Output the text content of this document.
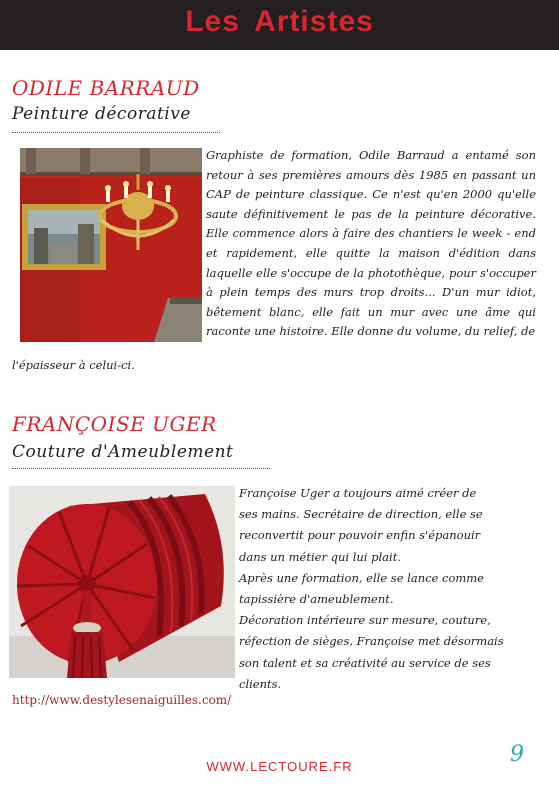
Les Artistes
ODILE BARRAUD
Peinture décorative

Graphiste de formation, Odile Barraud a entamé son retour à ses premières amours dès 1985 en passant un CAP de peinture classique. Ce n'est qu'en 2000 qu'elle saute définitivement le pas de la peinture décorative. Elle commence alors à faire des chantiers le week - end et rapidement, elle quitte la maison d'édition dans laquelle elle s'occupe de la photothèque, pour s'occuper à plein temps des murs trop droits... D'un mur idiot, bêtement blanc, elle fait un mur avec une âme qui raconte une histoire. Elle donne du volume, du relief, de

l'épaisseur à celui-ci.

FRANÇOISE UGER
Couture d'Ameublement
Françoise Uger a toujours aimé créer de
ses mains. Secrétaire de direction, elle se
reconvertit pour pouvoir enfin s'épanouir
dans un métier qui lui plait.
Après une formation, elle se lance comme
tapissière d'ameublement.
Décoration intérieure sur mesure, couture,
réfection de sièges, Françoise met désormais
son talent et sa créativité au service de ses
clients.
http://www.destylesenaiguilles.com/
WWW.LECTOURE.FR	9
